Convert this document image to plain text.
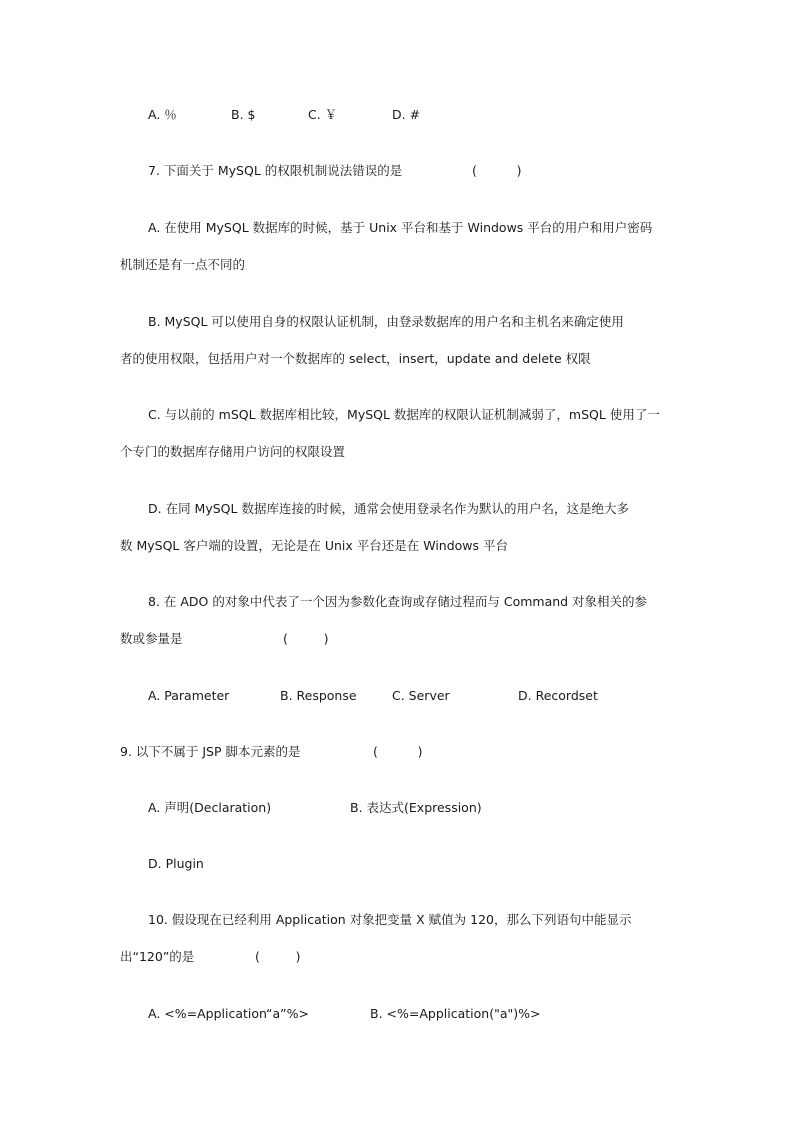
A. ％	B. $	C. ￥	D. #
7. 下面关于 MySQL 的权限机制说法错误的是	(          )
A. 在使用 MySQL 数据库的时候，基于 Unix 平台和基于 Windows 平台的用户和用户密码
机制还是有一点不同的
B. MySQL 可以使用自身的权限认证机制，由登录数据库的用户名和主机名来确定使用
者的使用权限，包括用户对一个数据库的 select，insert，update and delete 权限
C. 与以前的 mSQL 数据库相比较，MySQL 数据库的权限认证机制减弱了，mSQL 使用了一
个专门的数据库存储用户访问的权限设置
D. 在同 MySQL 数据库连接的时候，通常会使用登录名作为默认的用户名，这是绝大多
数 MySQL 客户端的设置，无论是在 Unix 平台还是在 Windows 平台
8. 在 ADO 的对象中代表了一个因为参数化查询或存储过程而与 Command 对象相关的参
数或参量是	(         )
A. Parameter	B. Response	C. Server	D. Recordset
9. 以下不属于 JSP 脚本元素的是	(          )
A. 声明(Declaration)	B. 表达式(Expression)
D. Plugin
10. 假设现在已经利用 Application 对象把变量 X 赋值为 120，那么下列语句中能显示
出“120”的是	(         )
A. <%=Application“a”%>	B. <%=Application("a")%>
